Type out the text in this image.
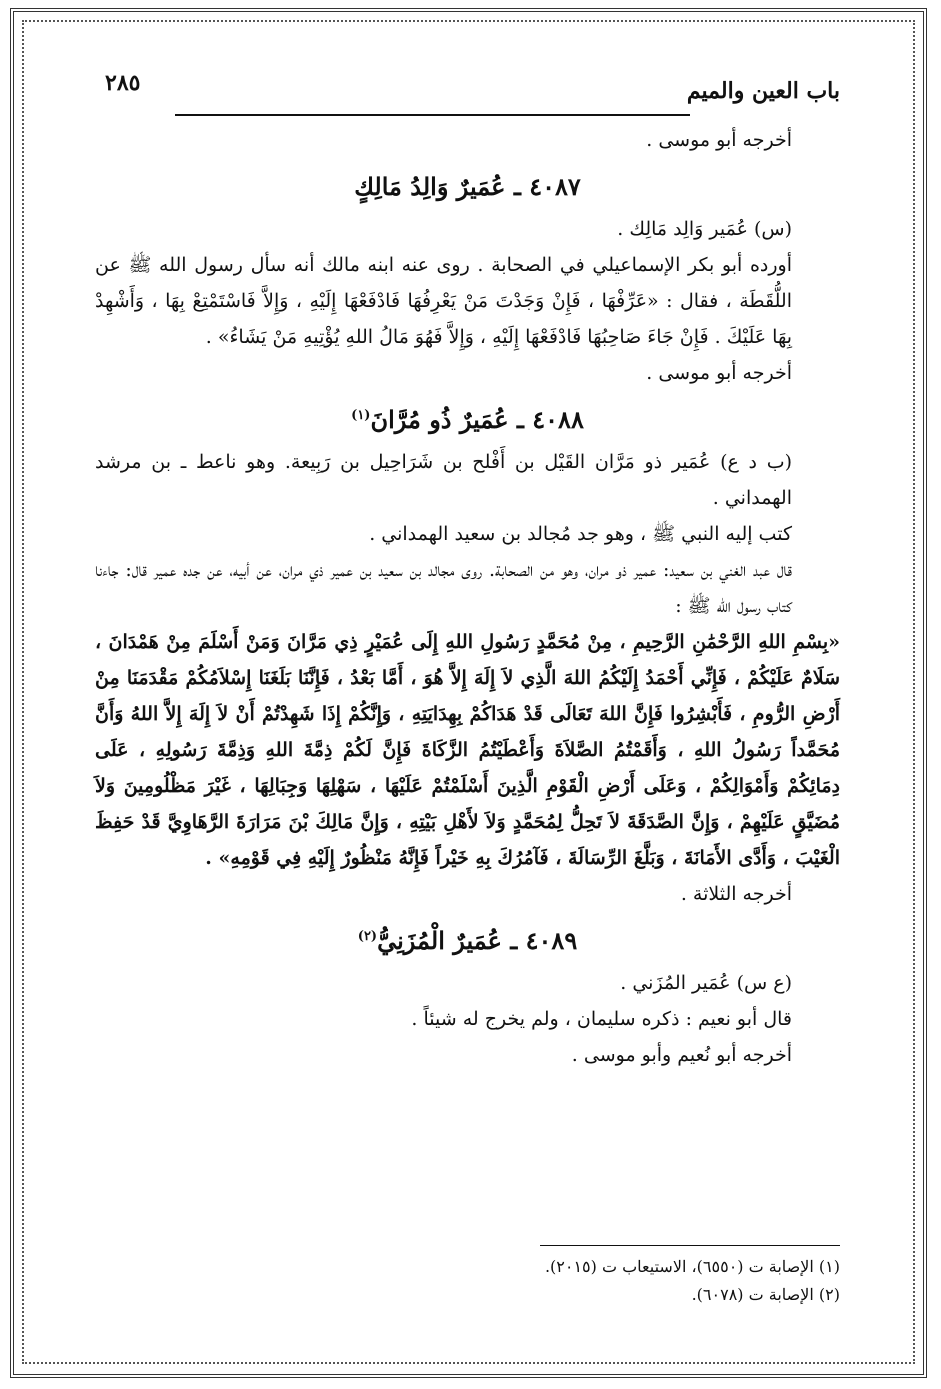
باب العين والميم
٢٨٥

أخرجه أبو موسى .

٤٠٨٧ ـ عُمَيرٌ وَالِدُ مَالِكٍ

(س) عُمَير وَالِد مَالِك .

أورده أبو بكر الإسماعيلي في الصحابة . روى عنه ابنه مالك أنه سأل رسول الله ﷺ عن اللُّقَطَة ، فقال : «عَرِّفْهَا ، فَإِنْ وَجَدْتَ مَنْ يَعْرِفُهَا فَادْفَعْهَا إِلَيْهِ ، وَإِلاَّ فَاسْتَمْتِعْ بِهَا ، وَأَشْهِدْ بِهَا عَلَيْكَ . فَإِنْ جَاءَ صَاحِبُهَا فَادْفَعْهَا إِلَيْهِ ، وَإِلاَّ فَهُوَ مَالُ اللهِ يُؤْتِيهِ مَنْ يَشَاءُ» .

أخرجه أبو موسى .

٤٠٨٨ ـ عُمَيرٌ ذُو مُرَّانَ$^{(١)}$

(ب د ع) عُمَير ذو مَرَّان القَيْل بن أَفْلح بن شَرَاحِيل بن رَبِيعة. وهو ناعط ـ بن مرشد الهمداني .

كتب إليه النبي ﷺ ، وهو جد مُجالد بن سعيد الهمداني .

قال عبد الغني بن سعيد: عمير ذو مران، وهو من الصحابة. روى مجالد بن سعيد بن عمير ذي مران، عن أبيه، عن جده عمير قال: جاءنا كتاب رسول الله ﷺ :

«بِسْمِ اللهِ الرَّحْمَٰنِ الرَّحِيمِ ، مِنْ مُحَمَّدٍ رَسُولِ اللهِ إِلَى عُمَيْرٍ ذِي مَرَّانَ وَمَنْ أَسْلَمَ مِنْ هَمْدَانَ ، سَلَامٌ عَلَيْكُمْ ، فَإِنِّي أَحْمَدُ إِلَيْكُمُ اللهَ الَّذِي لاَ إِلَهَ إِلاَّ هُوَ ، أَمَّا بَعْدُ ، فَإِنَّنَا بَلَغَنَا إِسْلاَمُكُمْ مَقْدَمَنَا مِنْ أَرْضِ الرُّومِ ، فَأَبْشِرُوا فَإِنَّ اللهَ تَعَالَى قَدْ هَدَاكُمْ بِهِدَايَتِهِ ، وَإِنَّكُمْ إِذَا شَهِدْتُمْ أَنْ لاَ إِلَهَ إِلاَّ اللهُ وَأَنَّ مُحَمَّداً رَسُولُ اللهِ ، وَأَقَمْتُمُ الصَّلاَةَ وَأَعْطَيْتُمُ الزَّكَاةَ فَإِنَّ لَكُمْ ذِمَّةَ اللهِ وَذِمَّةَ رَسُولِهِ ، عَلَى دِمَائِكُمْ وَأَمْوَالِكُمْ ، وَعَلَى أَرْضِ الْقَوْمِ الَّذِينَ أَسْلَمْتُمْ عَلَيْهَا ، سَهْلِهَا وَجِبَالِهَا ، غَيْرَ مَظْلُومِينَ وَلاَ مُضَيَّقٍ عَلَيْهِمْ ، وَإِنَّ الصَّدَقَةَ لاَ تَحِلُّ لِمُحَمَّدٍ وَلاَ لأَهْلِ بَيْتِهِ ، وَإِنَّ مَالِكَ بْنَ مَرَارَةَ الرَّهَاوِيَّ قَدْ حَفِظَ الْغَيْبَ ، وَأَدَّى الأَمَانَةَ ، وَبَلَّغَ الرِّسَالَةَ ، فَآمُرُكَ بِهِ خَيْراً فَإِنَّهُ مَنْظُورٌ إِلَيْهِ فِي قَوْمِهِ» .

أخرجه الثلاثة .

٤٠٨٩ ـ عُمَيرٌ الْمُزَنِيُّ$^{(٢)}$

(ع س) عُمَير المُزَني .

قال أبو نعيم : ذكره سليمان ، ولم يخرج له شيئاً .

أخرجه أبو نُعيم وأبو موسى .

(١) الإصابة ت (٦٥٥٠)، الاستيعاب ت (٢٠١٥).

(٢) الإصابة ت (٦٠٧٨).
